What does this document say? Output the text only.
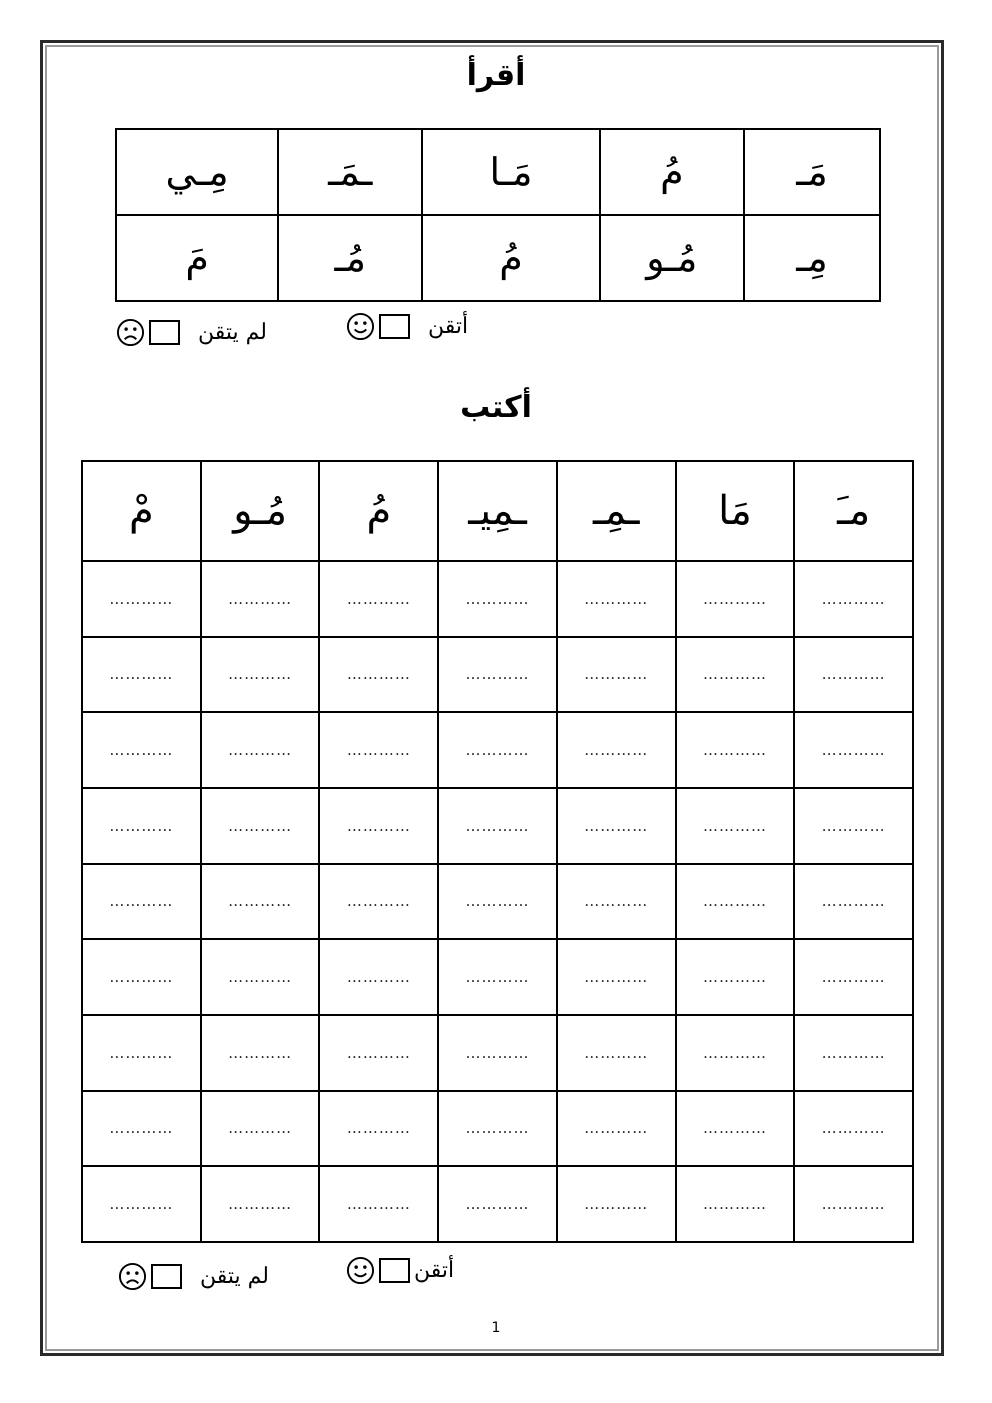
أقرأ
مَـ	مُ	مَـا	ـمَـ	مِـي
مِـ	مُـو	مُ	مُـ	مَ
أتقن
لم يتقن
أكتب
مـَ	مَا	ـمِـ	ـمِيـ	مُ	مُـو	مْ
…………	…………	…………	…………	…………	…………	…………
…………	…………	…………	…………	…………	…………	…………
…………	…………	…………	…………	…………	…………	…………
…………	…………	…………	…………	…………	…………	…………
…………	…………	…………	…………	…………	…………	…………
…………	…………	…………	…………	…………	…………	…………
…………	…………	…………	…………	…………	…………	…………
…………	…………	…………	…………	…………	…………	…………
…………	…………	…………	…………	…………	…………	…………
أتقن
لم يتقن
1
